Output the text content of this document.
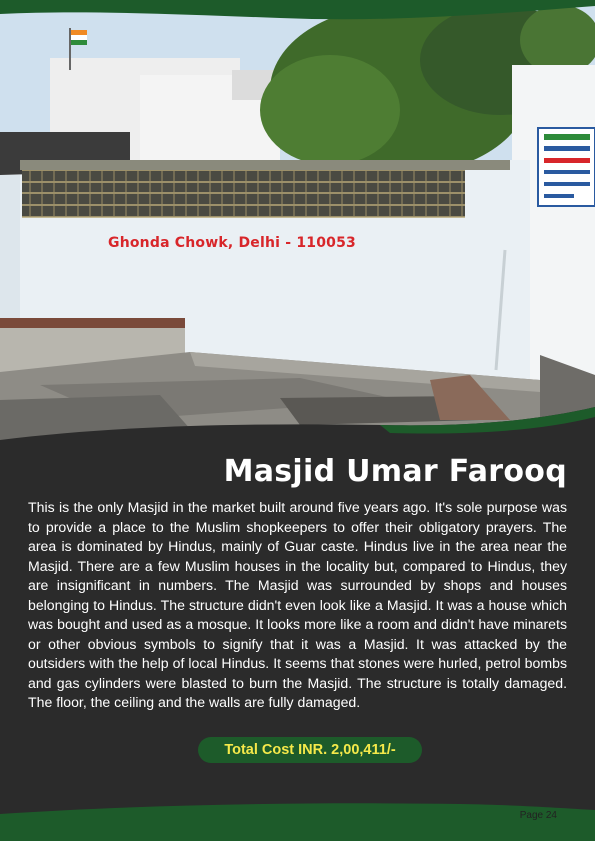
Ghonda Chowk, Delhi - 110053
Masjid Umar Farooq
This is the only Masjid in the market built around five years ago. It's sole purpose was to provide a place to the Muslim shopkeepers to offer their obligatory prayers. The area is dominated by Hindus, mainly of Guar caste. Hindus live in the area near the Masjid. There are a few Muslim houses in the locality but, compared to Hindus, they are insignificant in numbers. The Masjid was surrounded by shops and houses belonging to Hindus. The structure didn't even look like a Masjid. It was a house which was bought and used as a mosque. It looks more like a room and didn't have minarets or other obvious symbols to signify that it was a Masjid. It was attacked by the outsiders with the help of local Hindus. It seems that stones were hurled, petrol bombs and gas cylinders were blasted to burn the Masjid. The structure is totally damaged. The floor, the ceiling and the walls are fully damaged.
Total Cost INR. 2,00,411/-
Page 24
